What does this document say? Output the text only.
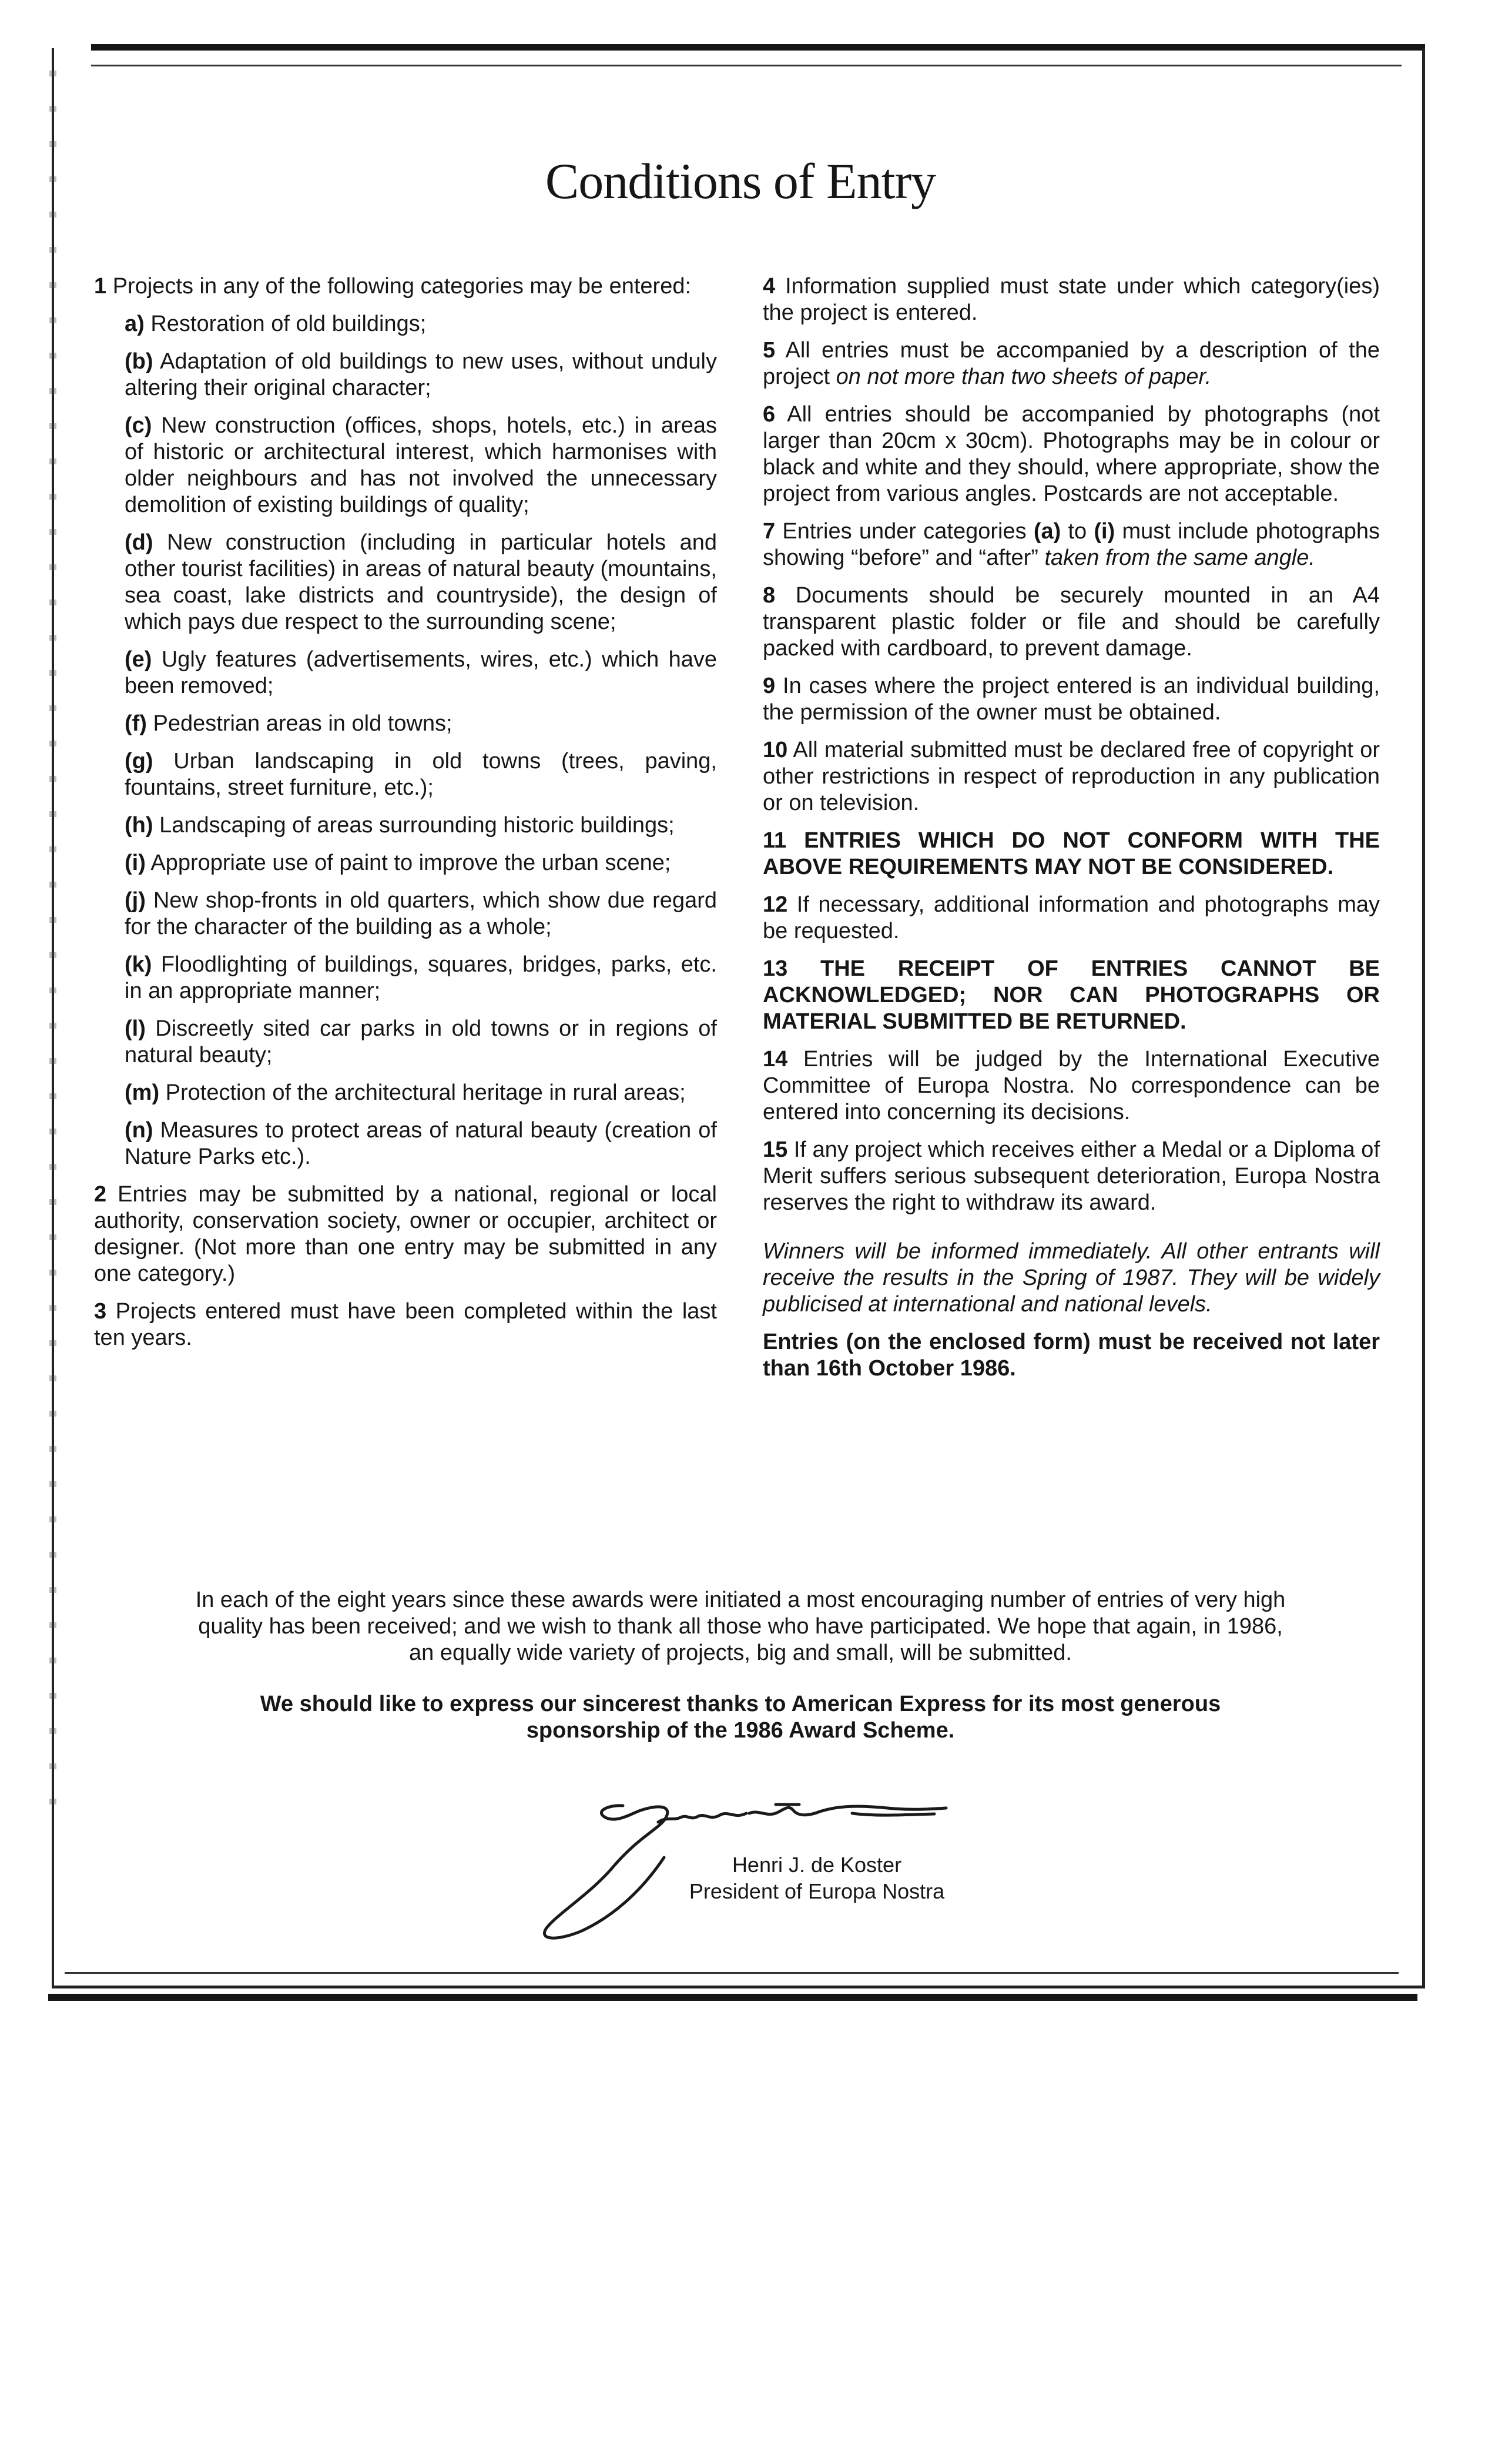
Conditions of Entry

1 Projects in any of the following categories may be entered:

a) Restoration of old buildings;

(b) Adaptation of old buildings to new uses, without unduly altering their original character;

(c) New construction (offices, shops, hotels, etc.) in areas of historic or architectural interest, which harmonises with older neighbours and has not involved the unnecessary demolition of existing buildings of quality;

(d) New construction (including in particular hotels and other tourist facilities) in areas of natural beauty (mountains, sea coast, lake districts and countryside), the design of which pays due respect to the surrounding scene;

(e) Ugly features (advertisements, wires, etc.) which have been removed;

(f) Pedestrian areas in old towns;

(g) Urban landscaping in old towns (trees, paving, fountains, street furniture, etc.);

(h) Landscaping of areas surrounding historic buildings;

(i) Appropriate use of paint to improve the urban scene;

(j) New shop-fronts in old quarters, which show due regard for the character of the building as a whole;

(k) Floodlighting of buildings, squares, bridges, parks, etc. in an appropriate manner;

(l) Discreetly sited car parks in old towns or in regions of natural beauty;

(m) Protection of the architectural heritage in rural areas;

(n) Measures to protect areas of natural beauty (creation of Nature Parks etc.).

2 Entries may be submitted by a national, regional or local authority, conservation society, owner or occupier, architect or designer. (Not more than one entry may be submitted in any one category.)

3 Projects entered must have been completed within the last ten years.

4 Information supplied must state under which category(ies) the project is entered.

5 All entries must be accompanied by a description of the project on not more than two sheets of paper.

6 All entries should be accompanied by photographs (not larger than 20cm x 30cm). Photographs may be in colour or black and white and they should, where appropriate, show the project from various angles. Postcards are not acceptable.

7 Entries under categories (a) to (i) must include photographs showing “before” and “after” taken from the same angle.

8 Documents should be securely mounted in an A4 transparent plastic folder or file and should be carefully packed with cardboard, to prevent damage.

9 In cases where the project entered is an individual building, the permission of the owner must be obtained.

10 All material submitted must be declared free of copyright or other restrictions in respect of reproduction in any publication or on television.

11 ENTRIES WHICH DO NOT CONFORM WITH THE ABOVE REQUIREMENTS MAY NOT BE CONSIDERED.

12 If necessary, additional information and photographs may be requested.

13 THE RECEIPT OF ENTRIES CANNOT BE ACKNOWLEDGED; NOR CAN PHOTOGRAPHS OR MATERIAL SUBMITTED BE RETURNED.

14 Entries will be judged by the International Executive Committee of Europa Nostra. No correspondence can be entered into concerning its decisions.

15 If any project which receives either a Medal or a Diploma of Merit suffers serious subsequent deterioration, Europa Nostra reserves the right to withdraw its award.

Winners will be informed immediately. All other entrants will receive the results in the Spring of 1987. They will be widely publicised at international and national levels.

Entries (on the enclosed form) must be received not later than 16th October 1986.

In each of the eight years since these awards were initiated a most encouraging number of entries of very high quality has been received; and we wish to thank all those who have participated. We hope that again, in 1986, an equally wide variety of projects, big and small, will be submitted.

We should like to express our sincerest thanks to American Express for its most generous sponsorship of the 1986 Award Scheme.

Henri J. de Koster
President of Europa Nostra
